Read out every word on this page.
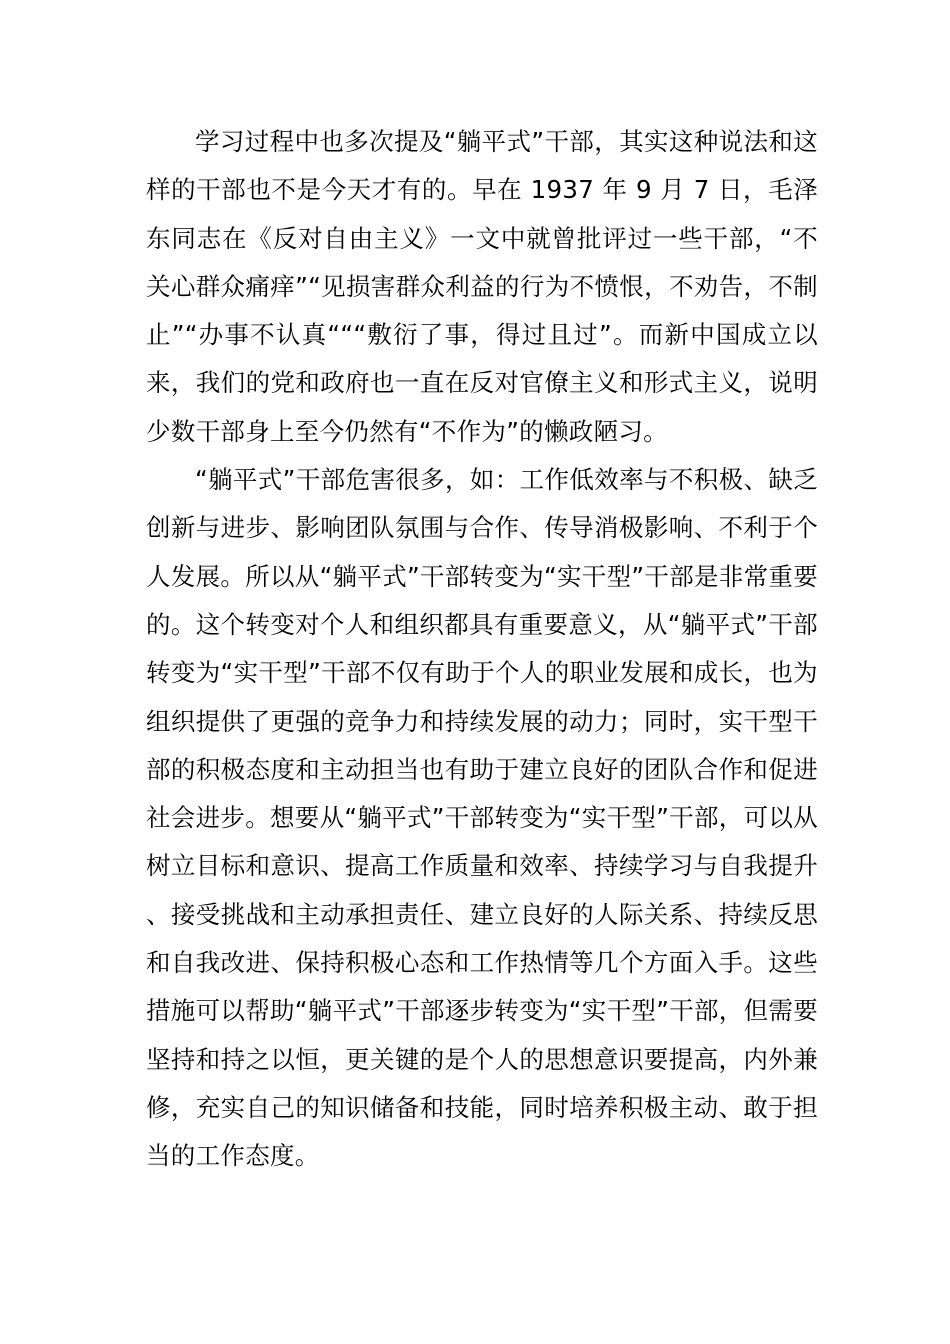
学习过程中也多次提及“躺平式”干部，其实这种说法和这样的干部也不是今天才有的。早在 1937 年 9 月 7 日，毛泽东同志在《反对自由主义》一文中就曾批评过一些干部，“不关心群众痛痒”“见损害群众利益的行为不愤恨，不劝告，不制止”“办事不认真“““敷衍了事，得过且过”。而新中国成立以来，我们的党和政府也一直在反对官僚主义和形式主义，说明少数干部身上至今仍然有“不作为”的懒政陋习。

“躺平式”干部危害很多，如：工作低效率与不积极、缺乏创新与进步、影响团队氛围与合作、传导消极影响、不利于个人发展。所以从“躺平式”干部转变为“实干型”干部是非常重要的。这个转变对个人和组织都具有重要意义，从“躺平式”干部转变为“实干型”干部不仅有助于个人的职业发展和成长，也为组织提供了更强的竞争力和持续发展的动力；同时，实干型干部的积极态度和主动担当也有助于建立良好的团队合作和促进社会进步。想要从“躺平式”干部转变为“实干型”干部，可以从树立目标和意识、提高工作质量和效率、持续学习与自我提升、接受挑战和主动承担责任、建立良好的人际关系、持续反思和自我改进、保持积极心态和工作热情等几个方面入手。这些措施可以帮助“躺平式”干部逐步转变为“实干型”干部，但需要坚持和持之以恒，更关键的是个人的思想意识要提高，内外兼修，充实自己的知识储备和技能，同时培养积极主动、敢于担当的工作态度。
